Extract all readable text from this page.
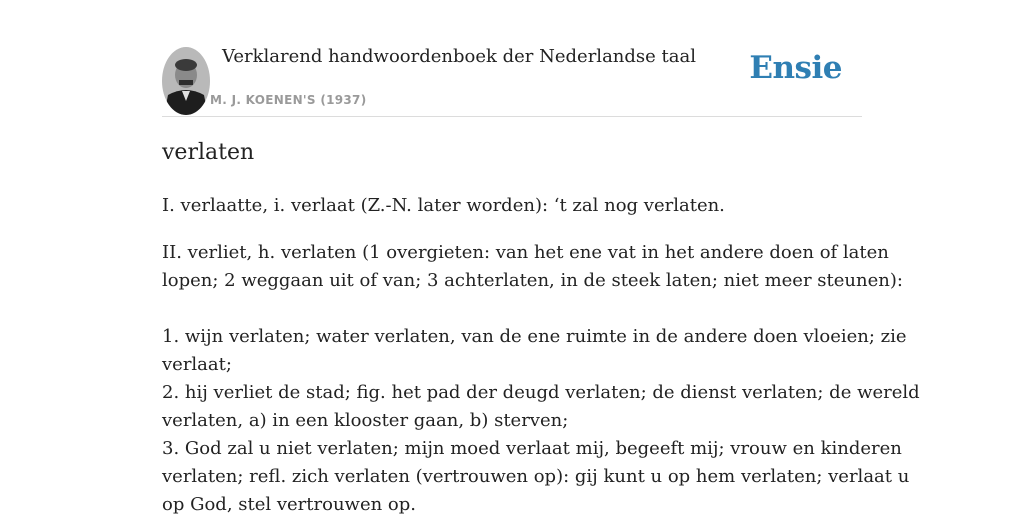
Verklarend handwoordenboek der Nederlandse taal
M. J. KOENEN'S (1937)
Ensie
verlaten

I. verlaatte, i. verlaat (Z.-N. later worden): ‘t zal nog verlaten.

II. verliet, h. verlaten (1 overgieten: van het ene vat in het andere doen of laten
lopen; 2 weggaan uit of van; 3 achterlaten, in de steek laten; niet meer steunen):

1. wijn verlaten; water verlaten, van de ene ruimte in de andere doen vloeien; zie
verlaat;
2. hij verliet de stad; fig. het pad der deugd verlaten; de dienst verlaten; de wereld
verlaten, a) in een klooster gaan, b) sterven;
3. God zal u niet verlaten; mijn moed verlaat mij, begeeft mij; vrouw en kinderen
verlaten; refl. zich verlaten (vertrouwen op): gij kunt u op hem verlaten; verlaat u
op God, stel vertrouwen op.
